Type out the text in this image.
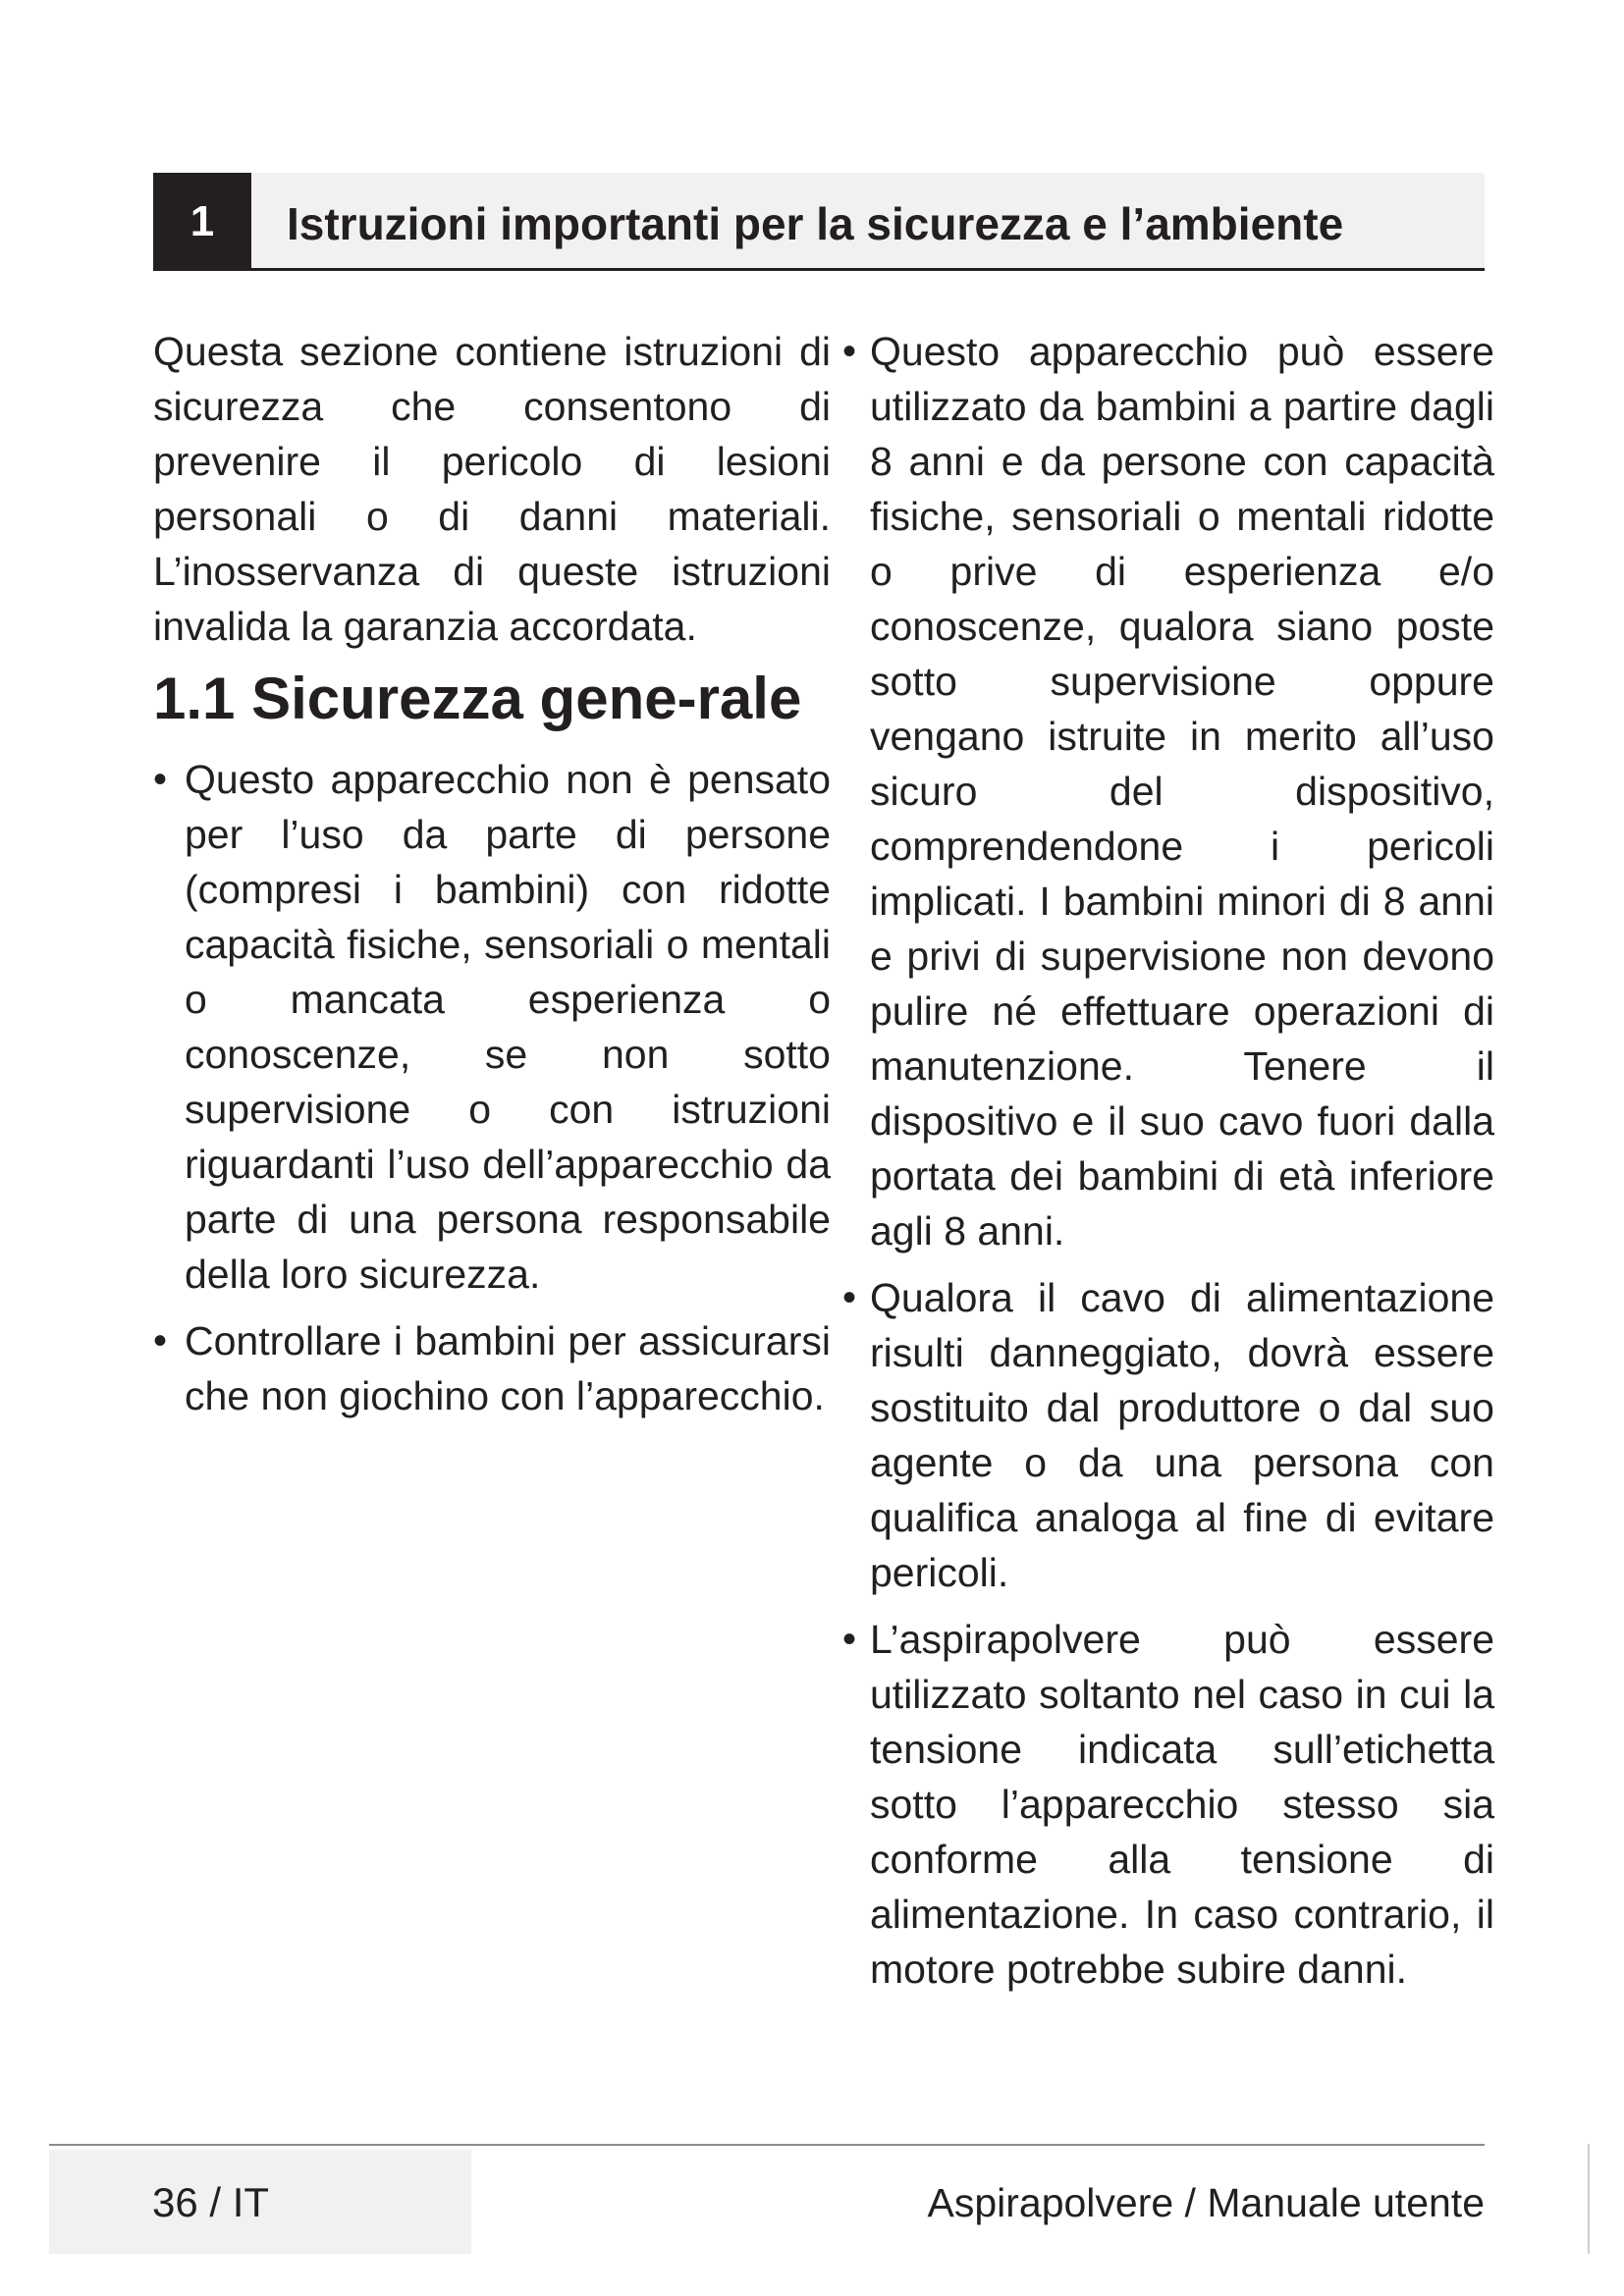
1	Istruzioni importanti per la sicurezza e l’ambiente

Questa sezione contiene istruzioni di sicurezza che consentono di prevenire il pericolo di lesioni personali o di danni materiali. L’inosservanza di queste istruzioni invalida la garanzia accordata.

1.1 Sicurezza gene-rale
• Questo apparecchio non è pensato per l’uso da parte di persone (compresi i bambini) con ridotte capacità fisiche, sensoriali o mentali o mancata esperienza o conoscenze, se non sotto supervisione o con istruzioni riguardanti l’uso dell’apparecchio da parte di una persona responsabile della loro sicurezza.
• Controllare i bambini per assicurarsi che non giochino con l’apparecchio.
• Questo apparecchio può essere utilizzato da bambini a partire dagli 8 anni e da persone con capacità fisiche, sensoriali o mentali ridotte o prive di esperienza e/o conoscenze, qualora siano poste sotto supervisione oppure vengano istruite in merito all’uso sicuro del dispositivo, comprendendone i pericoli implicati. I bambini minori di 8 anni e privi di supervisione non devono pulire né effettuare operazioni di manutenzione. Tenere il dispositivo e il suo cavo fuori dalla portata dei bambini di età inferiore agli 8 anni.
• Qualora il cavo di alimentazione risulti danneggiato, dovrà essere sostituito dal produttore o dal suo agente o da una persona con qualifica analoga al fine di evitare pericoli.
• L’aspirapolvere può essere utilizzato soltanto nel caso in cui la tensione indicata sull’etichetta sotto l’apparecchio stesso sia conforme alla tensione di alimentazione. In caso contrario, il motore potrebbe subire danni.
36 / IT	Aspirapolvere / Manuale utente
